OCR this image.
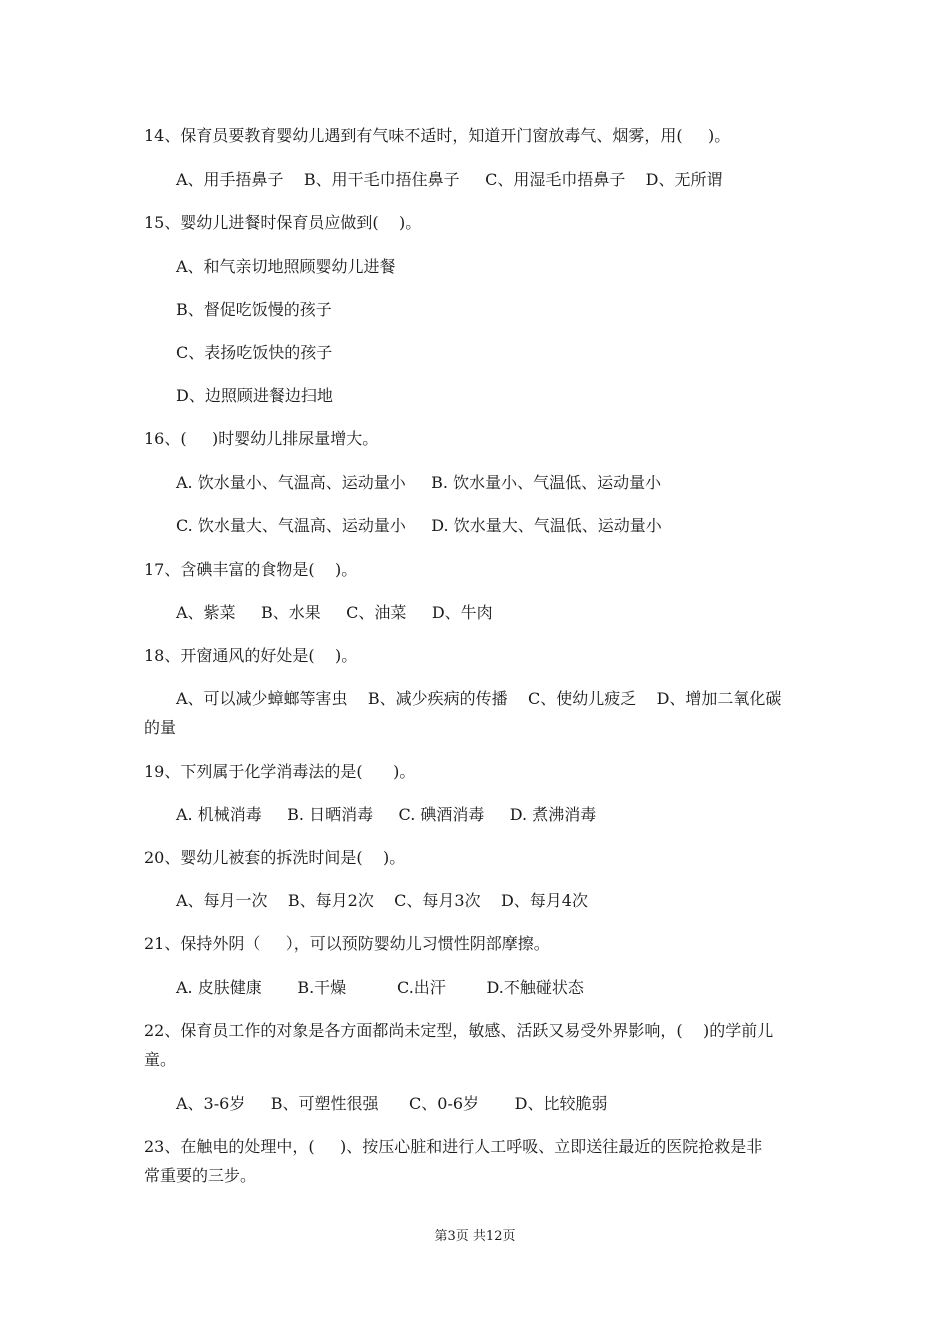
14、保育员要教育婴幼儿遇到有气味不适时，知道开门窗放毒气、烟雾，用(     )。
A、用手捂鼻子    B、用干毛巾捂住鼻子     C、用湿毛巾捂鼻子    D、无所谓
15、婴幼儿进餐时保育员应做到(    )。
A、和气亲切地照顾婴幼儿进餐
B、督促吃饭慢的孩子
C、表扬吃饭快的孩子
D、边照顾进餐边扫地
16、(     )时婴幼儿排尿量增大。
A. 饮水量小、气温高、运动量小     B. 饮水量小、气温低、运动量小
C. 饮水量大、气温高、运动量小     D. 饮水量大、气温低、运动量小
17、含碘丰富的食物是(    )。
A、紫菜     B、水果     C、油菜     D、牛肉
18、开窗通风的好处是(    )。
A、可以减少蟑螂等害虫    B、减少疾病的传播    C、使幼儿疲乏    D、增加二氧化碳
的量
19、下列属于化学消毒法的是(      )。
A. 机械消毒     B. 日晒消毒     C. 碘酒消毒     D. 煮沸消毒
20、婴幼儿被套的拆洗时间是(    )。
A、每月一次    B、每月2次    C、每月3次    D、每月4次
21、保持外阴（     ），可以预防婴幼儿习惯性阴部摩擦。
A. 皮肤健康       B.干燥          C.出汗        D.不触碰状态
22、保育员工作的对象是各方面都尚未定型，敏感、活跃又易受外界影响，(    )的学前儿
童。
A、3-6岁     B、可塑性很强      C、0-6岁       D、比较脆弱
23、在触电的处理中，(     )、按压心脏和进行人工呼吸、立即送往最近的医院抢救是非
常重要的三步。
第3页 共12页
